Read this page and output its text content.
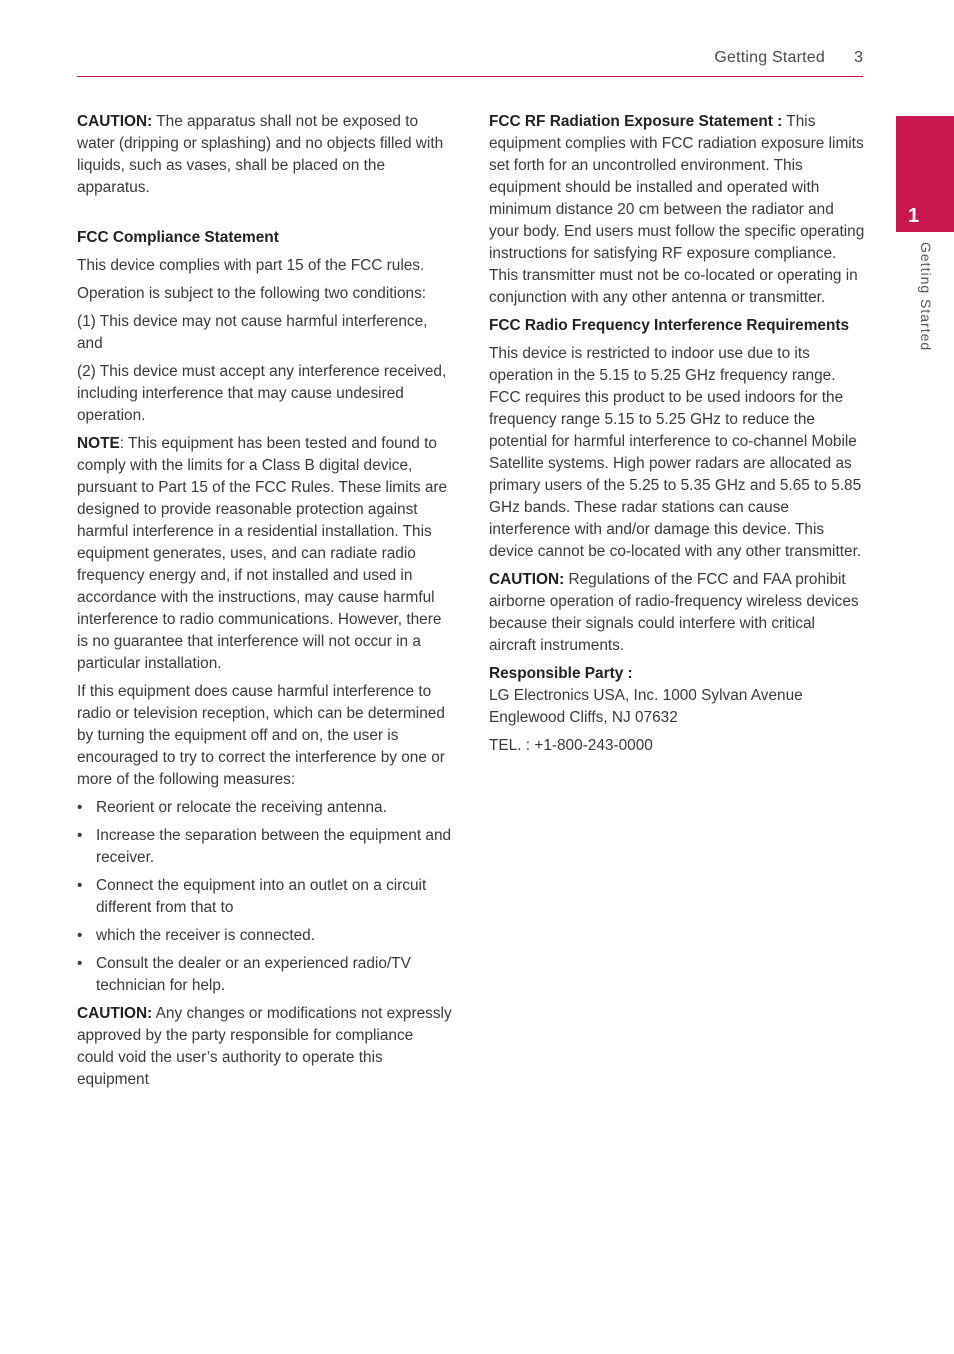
Getting Started 3
1
Getting Started

CAUTION: The apparatus shall not be exposed to water (dripping or splashing) and no objects filled with liquids, such as vases, shall be placed on the apparatus.

FCC Compliance Statement

This device complies with part 15 of the FCC rules.

Operation is subject to the following two conditions:

(1) This device may not cause harmful interference, and

(2) This device must accept any interference received, including interference that may cause undesired operation.

NOTE: This equipment has been tested and found to comply with the limits for a Class B digital device, pursuant to Part 15 of the FCC Rules. These limits are designed to provide reasonable protection against harmful interference in a residential installation. This equipment generates, uses, and can radiate radio frequency energy and, if not installed and used in accordance with the instructions, may cause harmful interference to radio communications. However, there is no guarantee that interference will not occur in a particular installation.

If this equipment does cause harmful interference to radio or television reception, which can be determined by turning the equipment off and on, the user is encouraged to try to correct the interference by one or more of the following measures:

• Reorient or relocate the receiving antenna.
• Increase the separation between the equipment and receiver.
• Connect the equipment into an outlet on a circuit different from that to
• which the receiver is connected.
• Consult the dealer or an experienced radio/TV technician for help.

CAUTION: Any changes or modifications not expressly approved by the party responsible for compliance could void the user’s authority to operate this equipment

FCC RF Radiation Exposure Statement : This equipment complies with FCC radiation exposure limits set forth for an uncontrolled environment. This equipment should be installed and operated with minimum distance 20 cm between the radiator and your body. End users must follow the specific operating instructions for satisfying RF exposure compliance. This transmitter must not be co-located or operating in conjunction with any other antenna or transmitter.

FCC Radio Frequency Interference Requirements

This device is restricted to indoor use due to its operation in the 5.15 to 5.25 GHz frequency range. FCC requires this product to be used indoors for the frequency range 5.15 to 5.25 GHz to reduce the potential for harmful interference to co-channel Mobile Satellite systems. High power radars are allocated as primary users of the 5.25 to 5.35 GHz and 5.65 to 5.85 GHz bands. These radar stations can cause interference with and/or damage this device. This device cannot be co-located with any other transmitter.

CAUTION: Regulations of the FCC and FAA prohibit airborne operation of radio-frequency wireless devices because their signals could interfere with critical aircraft instruments.

Responsible Party :
LG Electronics USA, Inc. 1000 Sylvan Avenue
Englewood Cliffs, NJ 07632

TEL. : +1-800-243-0000
